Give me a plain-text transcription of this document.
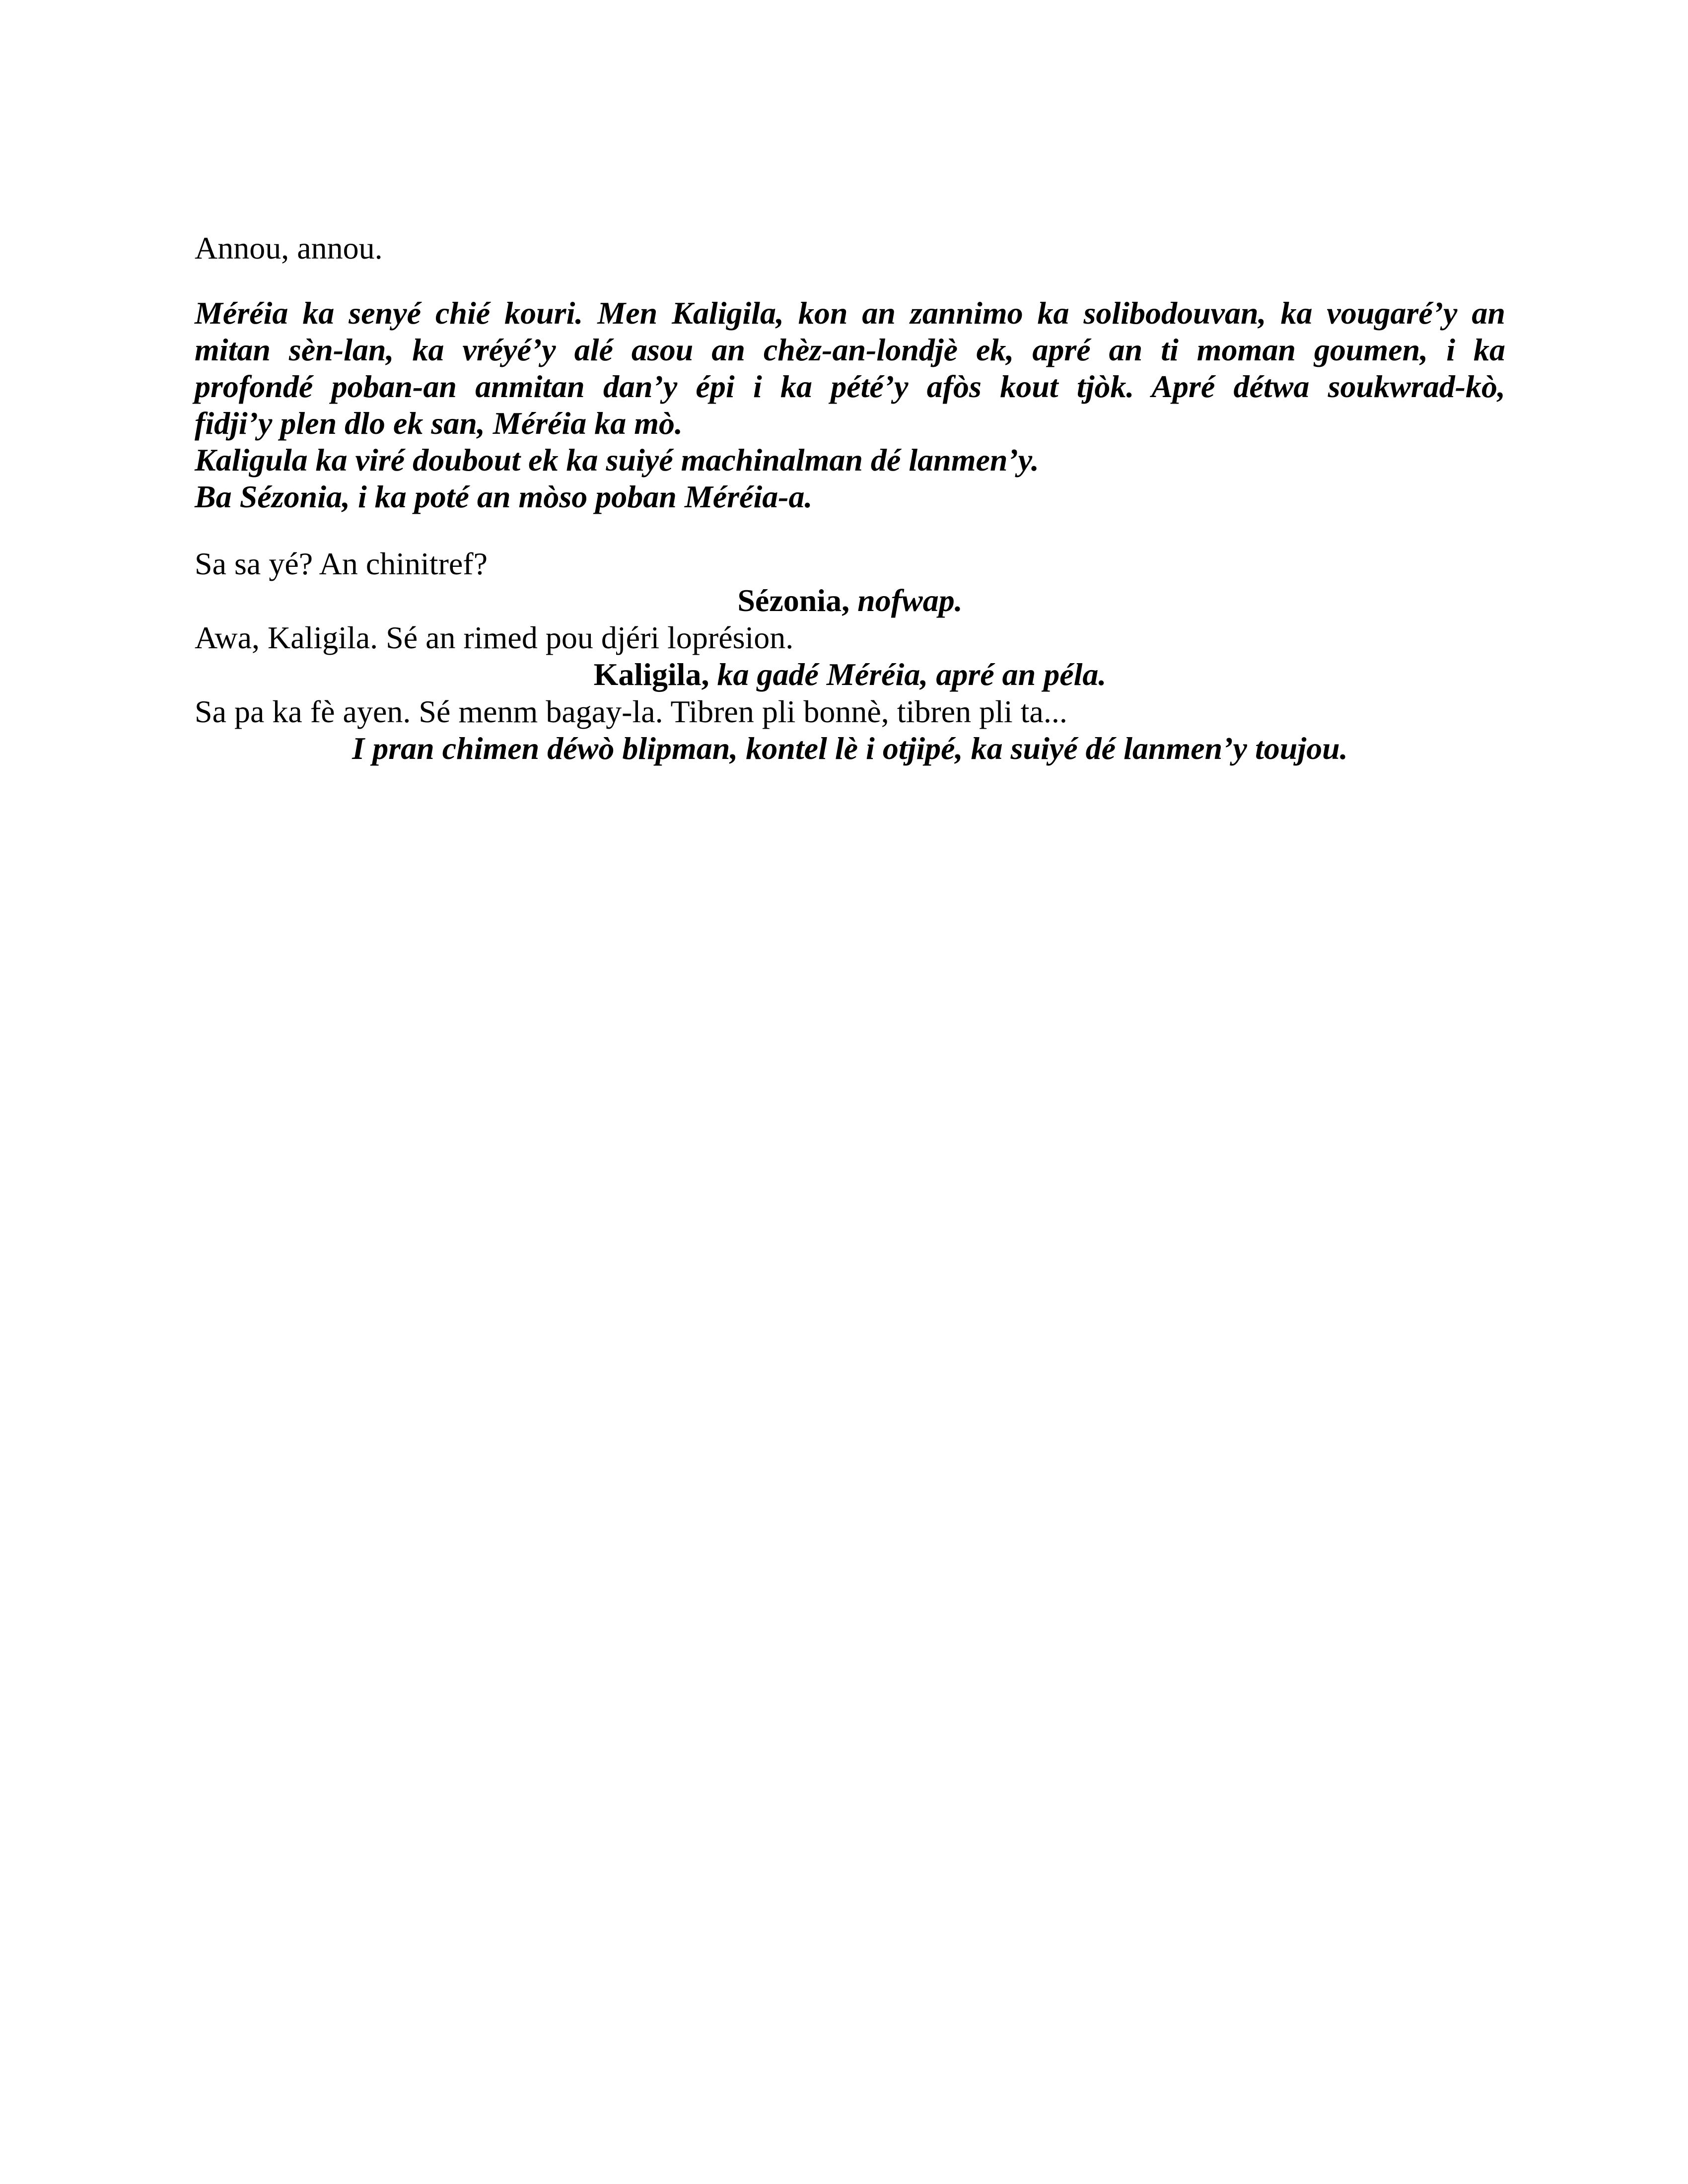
Annou, annou.

Méréia ka senyé chié kouri. Men Kaligila, kon an zannimo ka solibodouvan, ka vougaré’y an

mitan sèn-lan, ka vréyé’y alé asou an chèz-an-londjè ek, apré an ti moman goumen, i ka

profondé poban-an anmitan dan’y épi i ka pété’y afòs kout tjòk. Apré détwa soukwrad-kò,

fidji’y plen dlo ek san, Méréia ka mò.

Kaligula ka viré doubout ek ka suiyé machinalman dé lanmen’y.

Ba Sézonia, i ka poté an mòso poban Méréia-a.

Sa sa yé? An chinitref?

Sézonia, nofwap.

Awa, Kaligila. Sé an rimed pou djéri loprésion.

Kaligila, ka gadé Méréia, apré an péla.

Sa pa ka fè ayen. Sé menm bagay-la. Tibren pli bonnè, tibren pli ta...

I pran chimen déwò blipman, kontel lè i otjipé, ka suiyé dé lanmen’y toujou.
